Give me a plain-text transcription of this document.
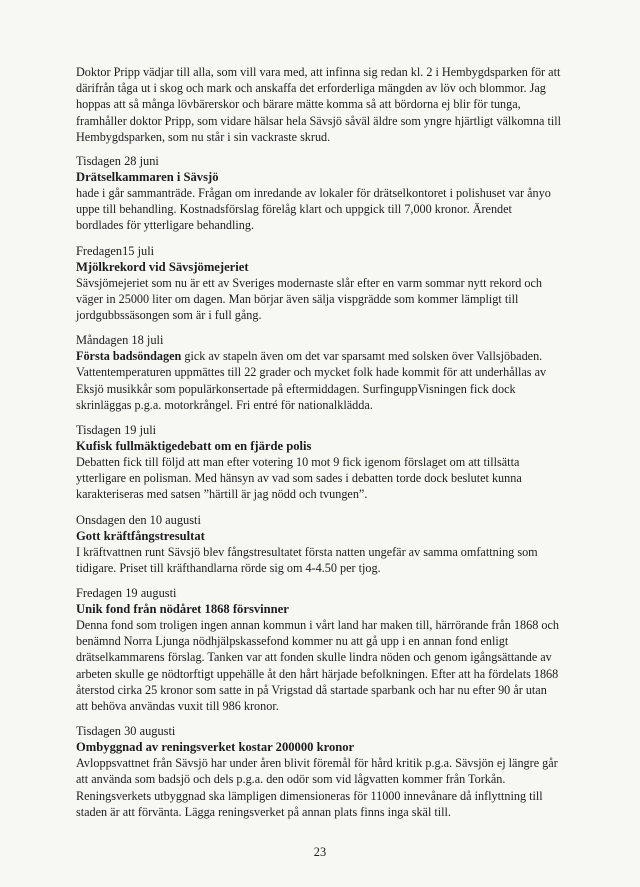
Doktor Pripp vädjar till alla, som vill vara med, att infinna sig redan kl. 2 i Hembygdsparken för att därifrån tåga ut i skog och mark och anskaffa det erforderliga mängden av löv och blommor. Jag hoppas att så många lövbärerskor och bärare mätte komma så att bördorna ej blir för tunga, framhåller doktor Pripp, som vidare hälsar hela Sävsjö såväl äldre som yngre hjärtligt välkomna till Hembygdsparken, som nu står i sin vackraste skrud.

Tisdagen 28 juni

Drätselkammaren i Sävsjö

hade i går sammanträde. Frågan om inredande av lokaler för drätselkontoret i polishuset var ånyo uppe till behandling. Kostnadsförslag förelåg klart och uppgick till 7,000 kronor. Ärendet bordlades för ytterligare behandling.

Fredagen15 juli

Mjölkrekord vid Sävsjömejeriet

Sävsjömejeriet som nu är ett av Sveriges modernaste slår efter en varm sommar nytt rekord och väger in 25000 liter om dagen. Man börjar även sälja vispgrädde som kommer lämpligt till jordgubbssäsongen som är i full gång.

Måndagen 18 juli

Första badsöndagen gick av stapeln även om det var sparsamt med solsken över Vallsjöbaden. Vattentemperaturen uppmättes till 22 grader och mycket folk hade kommit för att underhållas av Eksjö musikkår som populärkonsertade på eftermiddagen. SurfinguppVisningen fick dock skrinläggas p.g.a. motorkrångel. Fri entré för nationalklädda.

Tisdagen 19 juli

Kufisk fullmäktigedebatt om en fjärde polis

Debatten fick till följd att man efter votering 10 mot 9 fick igenom förslaget om att tillsätta ytterligare en polisman. Med hänsyn av vad som sades i debatten torde dock beslutet kunna karakteriseras med satsen ”härtill är jag nödd och tvungen”.

Onsdagen den 10 augusti

Gott kräftfångstresultat

I kräftvattnen runt Sävsjö blev fångstresultatet första natten ungefär av samma omfattning som tidigare. Priset till kräfthandlarna rörde sig om 4-4.50 per tjog.

Fredagen 19 augusti

Unik fond från nödåret 1868 försvinner

Denna fond som troligen ingen annan kommun i vårt land har maken till, härrörande från 1868 och benämnd Norra Ljunga nödhjälpskassefond kommer nu att gå upp i en annan fond enligt drätselkammarens förslag. Tanken var att fonden skulle lindra nöden och genom igångsättande av arbeten skulle ge nödtorftigt uppehälle åt den hårt härjade befolkningen. Efter att ha fördelats 1868 återstod cirka 25 kronor som satte in på Vrigstad då startade sparbank och har nu efter 90 år utan att behöva användas vuxit till 986 kronor.

Tisdagen 30 augusti

Ombyggnad av reningsverket kostar 200000 kronor

Avloppsvattnet från Sävsjö har under åren blivit föremål för hård kritik p.g.a. Sävsjön ej längre går att använda som badsjö och dels p.g.a. den odör som vid lågvatten kommer från Torkån. Reningsverkets utbyggnad ska lämpligen dimensioneras för 11000 innevånare då inflyttning till staden är att förvänta. Lägga reningsverket på annan plats finns inga skäl till.

23
